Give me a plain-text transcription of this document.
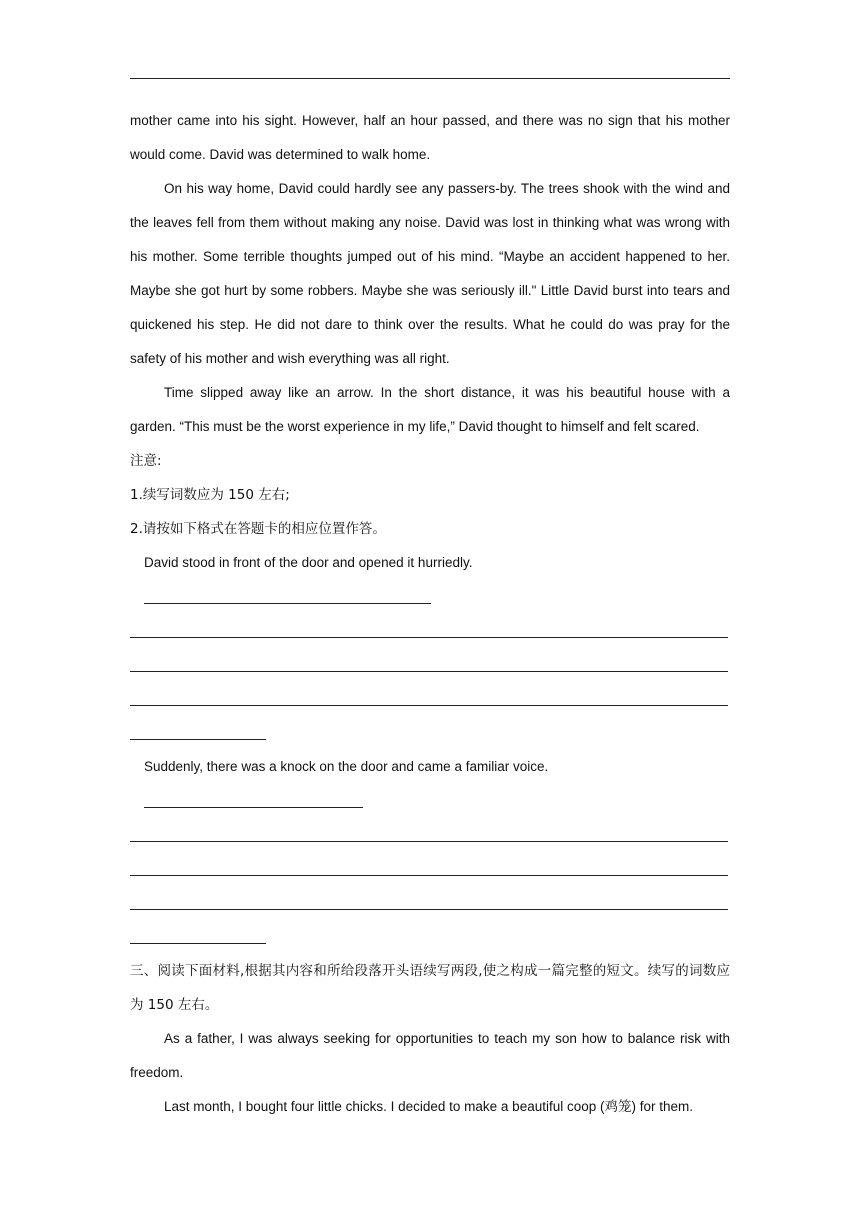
mother came into his sight. However, half an hour passed, and there was no sign that his mother
would come. David was determined to walk home.
On his way home, David could hardly see any passers-by. The trees shook with the wind and the leaves fell from them without making any noise. David was lost in thinking what was wrong with his mother. Some terrible thoughts jumped out of his mind. “Maybe an accident happened to her. Maybe she got hurt by some robbers. Maybe she was seriously ill." Little David burst into tears and quickened his step. He did not dare to think over the results. What he could do was pray for the safety of his mother and wish everything was all right.
Time slipped away like an arrow. In the short distance, it was his beautiful house with a garden. “This must be the worst experience in my life,” David thought to himself and felt scared.
注意:
1.续写词数应为 150 左右;
2.请按如下格式在答题卡的相应位置作答。
David stood in front of the door and opened it hurriedly.
Suddenly, there was a knock on the door and came a familiar voice.
三、阅读下面材料,根据其内容和所给段落开头语续写两段,使之构成一篇完整的短文。续写的词数应为 150 左右。
As a father, I was always seeking for opportunities to teach my son how to balance risk with freedom.
Last month, I bought four little chicks. I decided to make a beautiful coop (鸡笼) for them.
